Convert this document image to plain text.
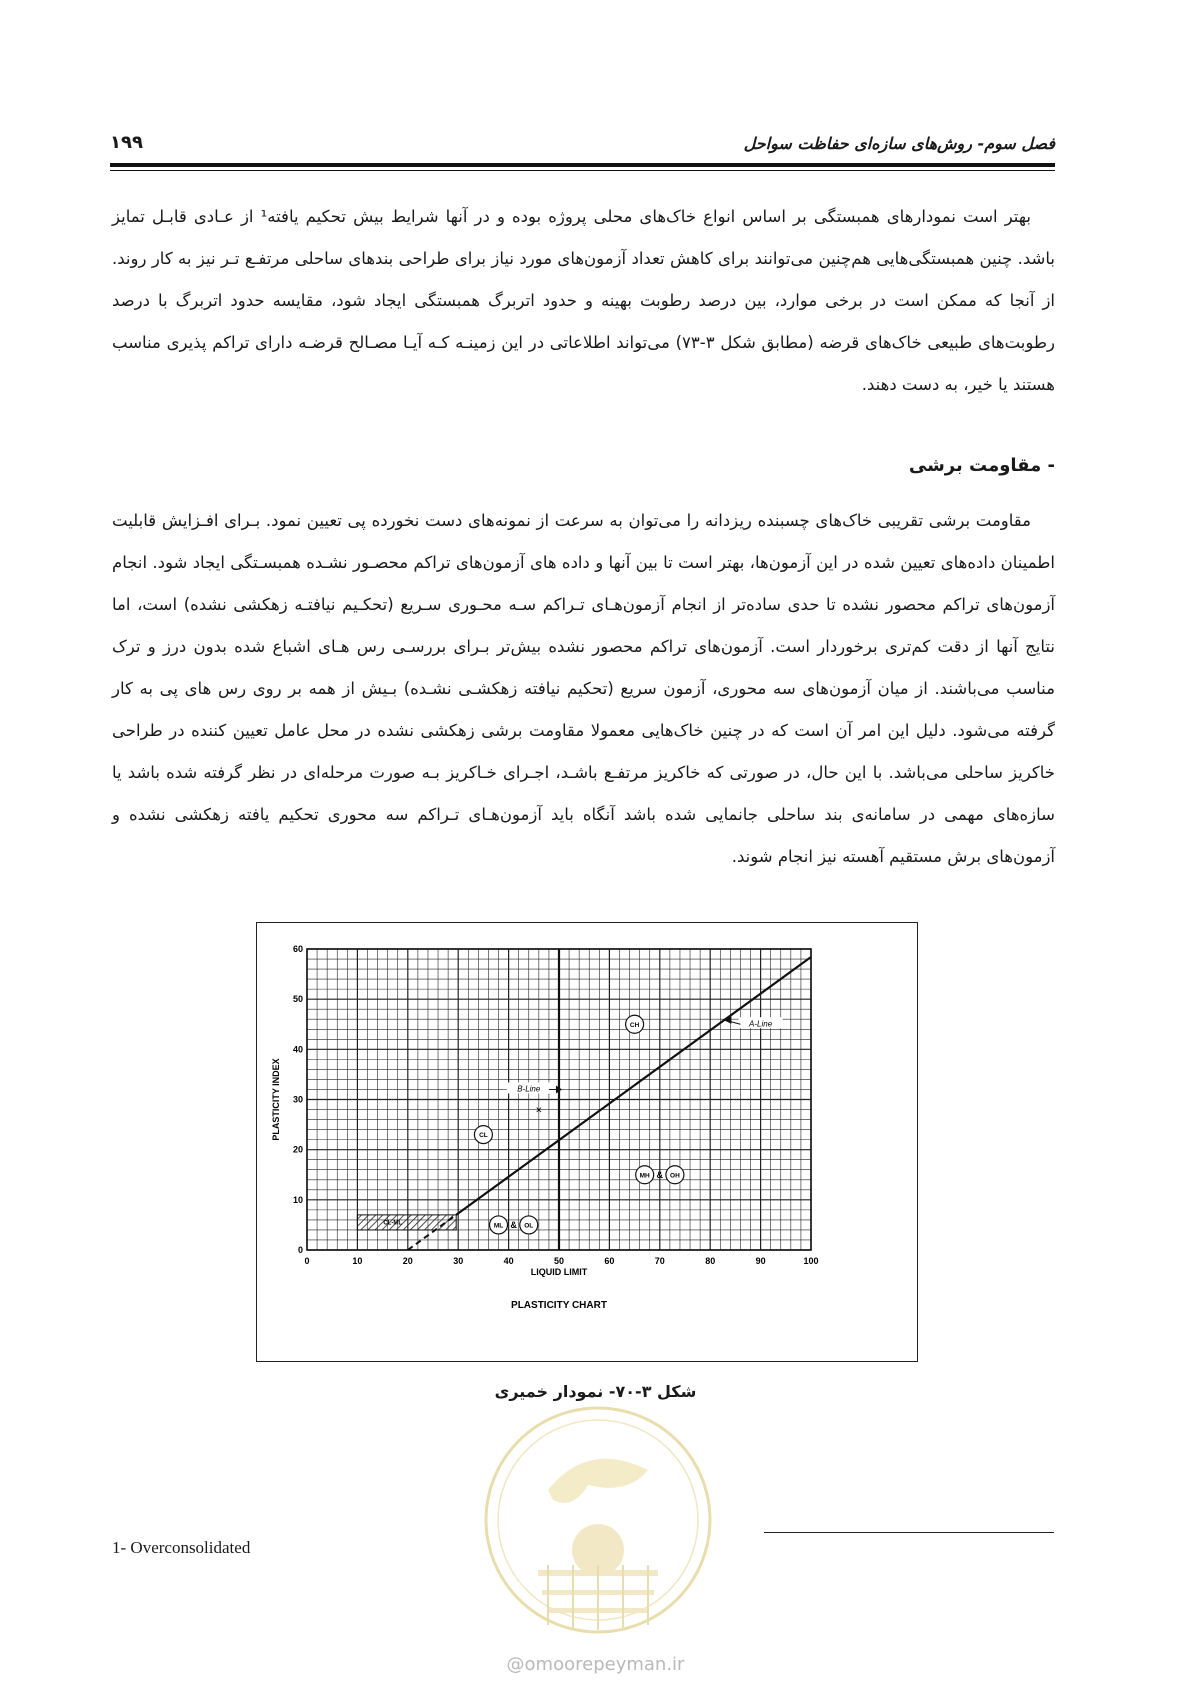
فصل سوم- روش‌های سازه‌ای حفاظت سواحل
۱۹۹

بهتر است نمودارهای همبستگی بر اساس انواع خاک‌های محلی پروژه بوده و در آنها شرایط بیش تحکیم یافته¹ از عـادی قابـل تمایز باشد. چنین همبستگی‌هایی هم‌چنین می‌توانند برای کاهش تعداد آزمون‌های مورد نیاز برای طراحی بندهای ساحلی مرتفـع تـر نیز به کار روند. از آنجا که ممکن است در برخی موارد، بین درصد رطوبت بهینه و حدود اتربرگ همبستگی ایجاد شود، مقایسه حدود اتربرگ با درصد رطوبت‌های طبیعی خاک‌های قرضه (مطابق شکل ۳-۷۳) می‌تواند اطلاعاتی در این زمینـه کـه آیـا مصـالح قرضـه دارای تراکم پذیری مناسب هستند یا خیر، به دست دهند.

- مقاومت برشی

مقاومت برشی تقریبی خاک‌های چسبنده ریزدانه را می‌توان به سرعت از نمونه‌های دست نخورده پی تعیین نمود. بـرای افـزایش قابلیت اطمینان داده‌های تعیین شده در این آزمون‌ها، بهتر است تا بین آنها و داده های آزمون‌های تراکم محصـور نشـده همبسـتگی ایجاد شود. انجام آزمون‌های تراکم محصور نشده تا حدی ساده‌تر از انجام آزمون‌هـای تـراکم سـه محـوری سـریع (تحکـیم نیافتـه زهکشی نشده) است، اما نتایج آنها از دقت کم‌تری برخوردار است. آزمون‌های تراکم محصور نشده بیش‌تر بـرای بررسـی رس هـای اشباع شده بدون درز و ترک مناسب می‌باشند. از میان آزمون‌های سه محوری، آزمون سریع (تحکیم نیافته زهکشـی نشـده) بـیش از همه بر روی رس های پی به کار گرفته می‌شود. دلیل این امر آن است که در چنین خاک‌هایی معمولا مقاومت برشی زهکشی نشده در محل عامل تعیین کننده در طراحی خاکریز ساحلی می‌باشد. با این حال، در صورتی که خاکریز مرتفـع باشـد، اجـرای خـاکریز بـه صورت مرحله‌ای در نظر گرفته شده باشد یا سازه‌های مهمی در سامانه‌ی بند ساحلی جانمایی شده باشد آنگاه باید آزمون‌هـای تـراکم سه محوری تحکیم یافته زهکشی نشده و آزمون‌های برش مستقیم آهسته نیز انجام شوند.

0	10	20	30	40	50	60	70	80	90	100
0
10
20
30
40
50
60
LIQUID LIMIT
PLASTICITY INDEX
PLASTICITY CHART
CH
CL
MH & OH
ML & OL
CL-ML
A-Line
B-Line
×
شکل ۳-۷۰- نمودار خمیری
@omoorepeyman.ir
1- Overconsolidated
